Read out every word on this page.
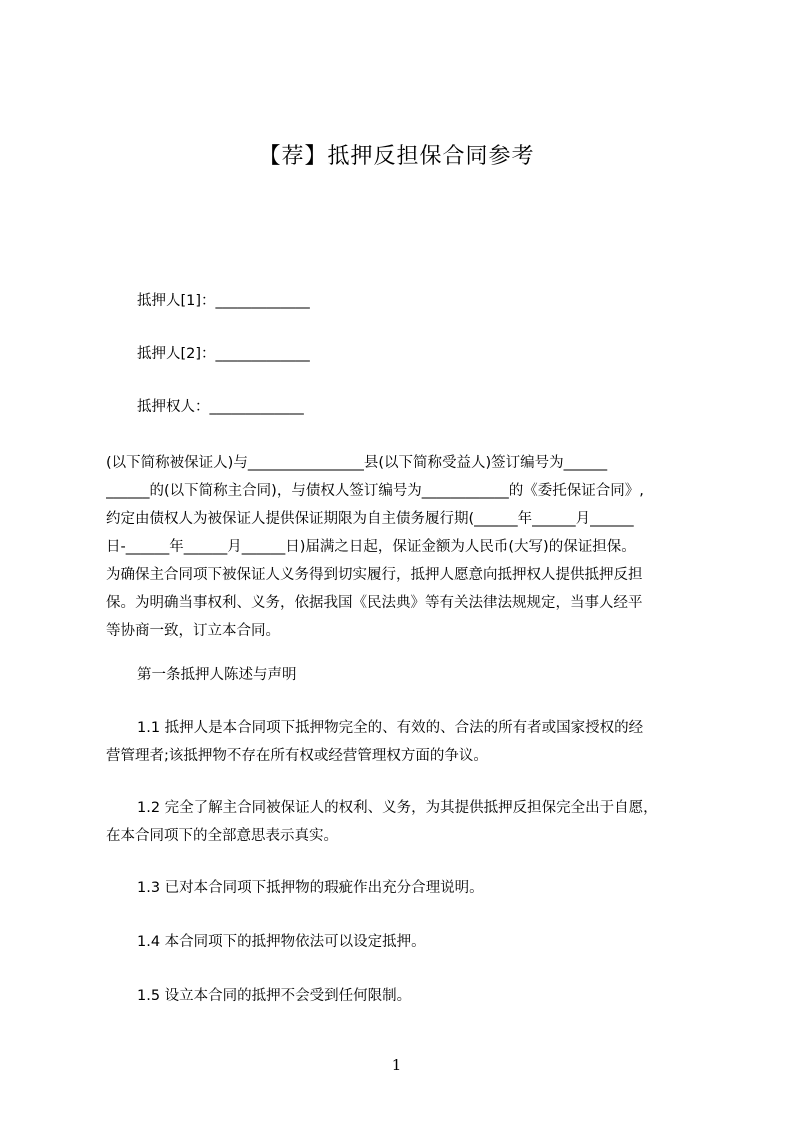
【荐】抵押反担保合同参考
抵押人[1]：_____________
抵押人[2]：_____________
抵押权人：_____________
(以下简称被保证人)与________________县(以下简称受益人)签订编号为______
______的(以下简称主合同)，与债权人签订编号为____________的《委托保证合同》,
约定由债权人为被保证人提供保证期限为自主债务履行期(______年______月______
日-______年______月______日)届满之日起，保证金额为人民币(大写)的保证担保。
为确保主合同项下被保证人义务得到切实履行，抵押人愿意向抵押权人提供抵押反担
保。为明确当事权利、义务，依据我国《民法典》等有关法律法规规定，当事人经平
等协商一致，订立本合同。
第一条抵押人陈述与声明
1.1 抵押人是本合同项下抵押物完全的、有效的、合法的所有者或国家授权的经
营管理者;该抵押物不存在所有权或经营管理权方面的争议。
1.2 完全了解主合同被保证人的权利、义务，为其提供抵押反担保完全出于自愿，
在本合同项下的全部意思表示真实。
1.3 已对本合同项下抵押物的瑕疵作出充分合理说明。
1.4 本合同项下的抵押物依法可以设定抵押。
1.5 设立本合同的抵押不会受到任何限制。
1
